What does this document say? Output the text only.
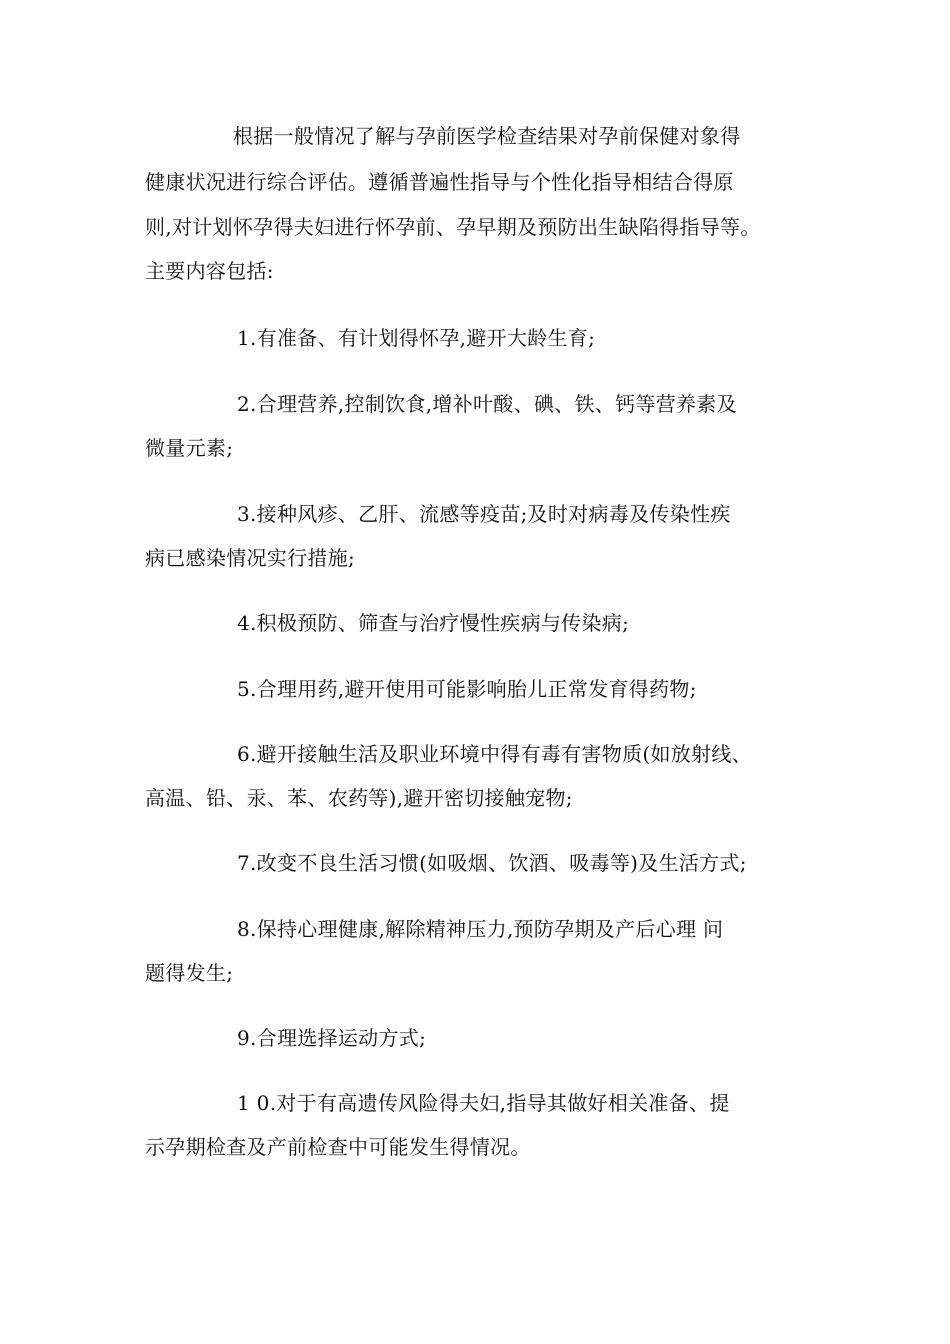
根据一般情况了解与孕前医学检查结果对孕前保健对象得
健康状况进行综合评估。遵循普遍性指导与个性化指导相结合得原
则,对计划怀孕得夫妇进行怀孕前、孕早期及预防出生缺陷得指导等。
主要内容包括:
1.有准备、有计划得怀孕,避开大龄生育;
2.合理营养,控制饮食,增补叶酸、碘、铁、钙等营养素及
微量元素;
3.接种风疹、乙肝、流感等疫苗;及时对病毒及传染性疾
病已感染情况实行措施;
4.积极预防、筛查与治疗慢性疾病与传染病;
5.合理用药,避开使用可能影响胎儿正常发育得药物;
6.避开接触生活及职业环境中得有毒有害物质(如放射线、
高温、铅、汞、苯、农药等),避开密切接触宠物;
7.改变不良生活习惯(如吸烟、饮酒、吸毒等)及生活方式;
8.保持心理健康,解除精神压力,预防孕期及产后心理 问
题得发生;
9.合理选择运动方式;
1 0.对于有高遗传风险得夫妇,指导其做好相关准备、提
示孕期检查及产前检查中可能发生得情况。
